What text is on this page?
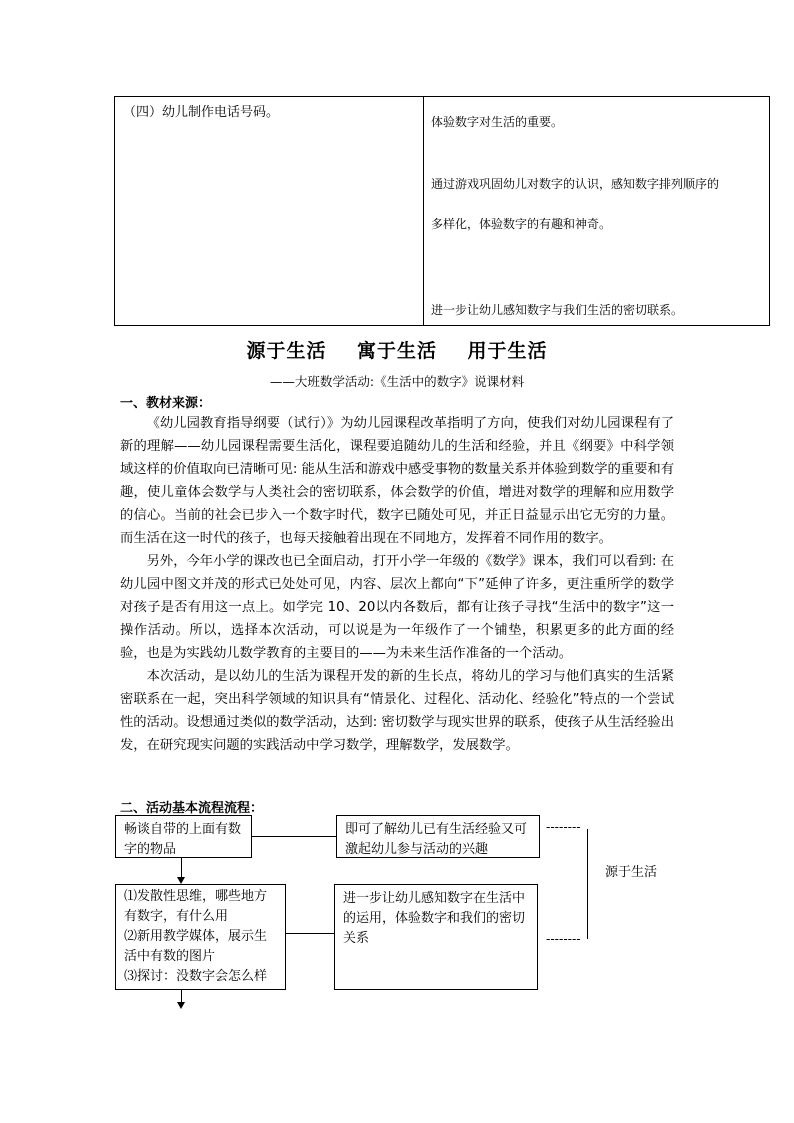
（四）幼儿制作电话号码。
体验数字对生活的重要。
通过游戏巩固幼儿对数字的认识，感知数字排列顺序的
多样化，体验数字的有趣和神奇。
进一步让幼儿感知数字与我们生活的密切联系。
源于生活    寓于生活    用于生活
——大班数学活动:《生活中的数字》说课材料
一、教材来源：

《幼儿园教育指导纲要（试行）》为幼儿园课程改革指明了方向，使我们对幼儿园课程有了新的理解——幼儿园课程需要生活化，课程要追随幼儿的生活和经验，并且《纲要》中科学领域这样的价值取向已清晰可见: 能从生活和游戏中感受事物的数量关系并体验到数学的重要和有趣，使儿童体会数学与人类社会的密切联系，体会数学的价值，增进对数学的理解和应用数学的信心。当前的社会已步入一个数字时代，数字已随处可见，并正日益显示出它无穷的力量。而生活在这一时代的孩子，也每天接触着出现在不同地方，发挥着不同作用的数字。

另外，今年小学的课改也已全面启动，打开小学一年级的《数学》课本，我们可以看到: 在幼儿园中图文并茂的形式已处处可见，内容、层次上都向“下”延伸了许多，更注重所学的数学对孩子是否有用这一点上。如学完 10、20以内各数后，都有让孩子寻找“生活中的数字”这一操作活动。所以，选择本次活动，可以说是为一年级作了一个铺垫，积累更多的此方面的经验，也是为实践幼儿数学教育的主要目的——为未来生活作准备的一个活动。

本次活动，是以幼儿的生活为课程开发的新的生长点，将幼儿的学习与他们真实的生活紧密联系在一起，突出科学领域的知识具有“情景化、过程化、活动化、经验化”特点的一个尝试性的活动。设想通过类似的数学活动，达到: 密切数学与现实世界的联系，使孩子从生活经验出发，在研究现实问题的实践活动中学习数学，理解数学，发展数学。

二、活动基本流程流程：
畅谈自带的上面有数字的物品
即可了解幼儿已有生活经验又可激起幼儿参与活动的兴趣
--------
⑴发散性思维，哪些地方有数字，有什么用
⑵新用教学媒体，展示生活中有数的图片
⑶探讨：没数字会怎么样
进一步让幼儿感知数字在生活中的运用，体验数字和我们的密切关系	--------
源于生活
